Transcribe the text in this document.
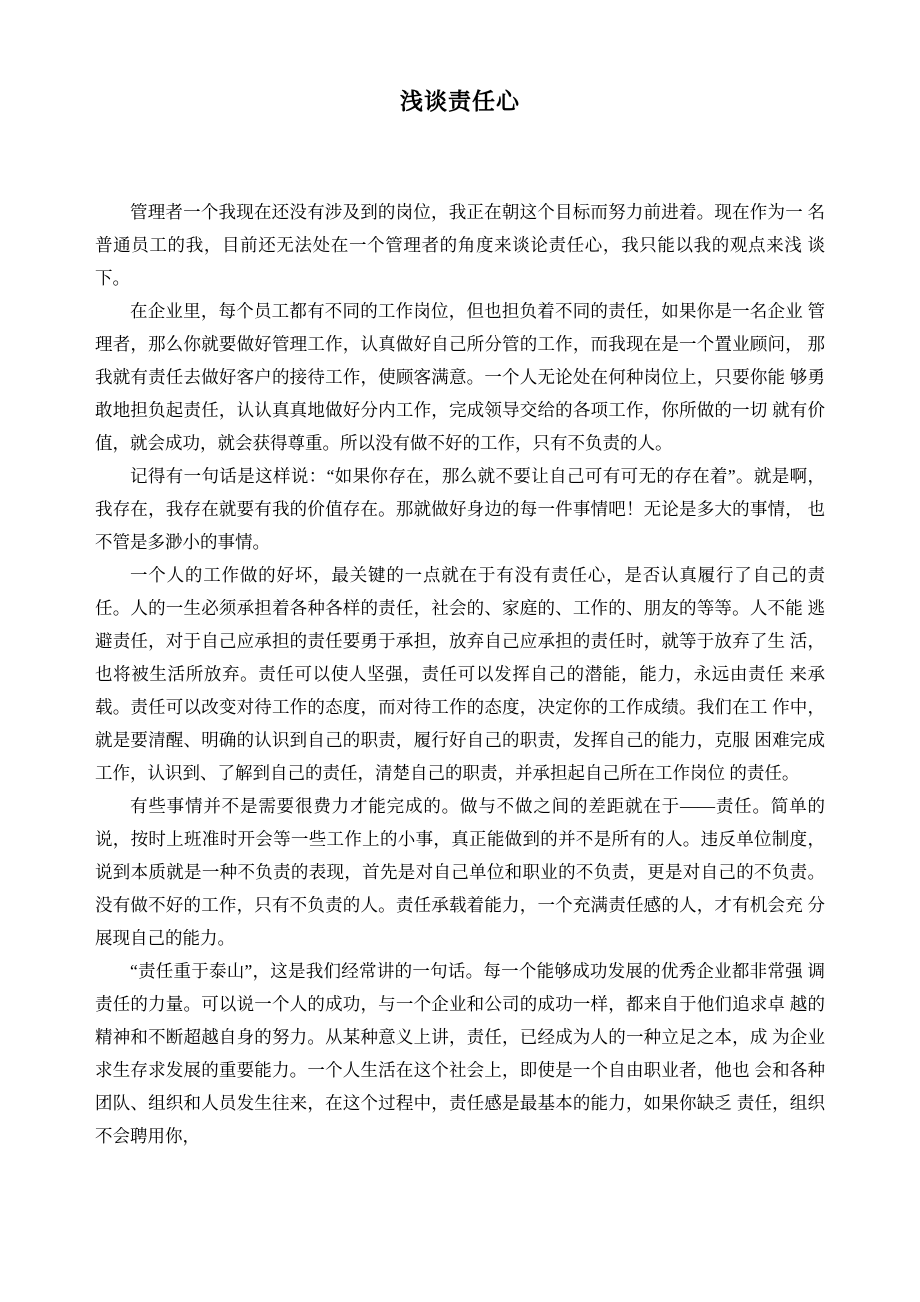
浅谈责任心

管理者一个我现在还没有涉及到的岗位，我正在朝这个目标而努力前进着。现在作为一 名普通员工的我，目前还无法处在一个管理者的角度来谈论责任心，我只能以我的观点来浅 谈下。

在企业里，每个员工都有不同的工作岗位，但也担负着不同的责任，如果你是一名企业 管理者，那么你就要做好管理工作，认真做好自己所分管的工作，而我现在是一个置业顾问， 那我就有责任去做好客户的接待工作，使顾客满意。一个人无论处在何种岗位上，只要你能 够勇敢地担负起责任，认认真真地做好分内工作，完成领导交给的各项工作，你所做的一切 就有价值，就会成功，就会获得尊重。所以没有做不好的工作，只有不负责的人。

记得有一句话是这样说：“如果你存在，那么就不要让自己可有可无的存在着”。就是啊， 我存在，我存在就要有我的价值存在。那就做好身边的每一件事情吧！无论是多大的事情， 也不管是多渺小的事情。

一个人的工作做的好坏，最关键的一点就在于有没有责任心，是否认真履行了自己的责 任。人的一生必须承担着各种各样的责任，社会的、家庭的、工作的、朋友的等等。人不能 逃避责任，对于自己应承担的责任要勇于承担，放弃自己应承担的责任时，就等于放弃了生 活，也将被生活所放弃。责任可以使人坚强，责任可以发挥自己的潜能，能力，永远由责任 来承载。责任可以改变对待工作的态度，而对待工作的态度，决定你的工作成绩。我们在工 作中，就是要清醒、明确的认识到自己的职责，履行好自己的职责，发挥自己的能力，克服 困难完成工作，认识到、了解到自己的责任，清楚自己的职责，并承担起自己所在工作岗位 的责任。

有些事情并不是需要很费力才能完成的。做与不做之间的差距就在于——责任。简单的 说，按时上班准时开会等一些工作上的小事，真正能做到的并不是所有的人。违反单位制度， 说到本质就是一种不负责的表现，首先是对自己单位和职业的不负责，更是对自己的不负责。 没有做不好的工作，只有不负责的人。责任承载着能力，一个充满责任感的人，才有机会充 分展现自己的能力。

“责任重于泰山”，这是我们经常讲的一句话。每一个能够成功发展的优秀企业都非常强 调责任的力量。可以说一个人的成功，与一个企业和公司的成功一样，都来自于他们追求卓 越的精神和不断超越自身的努力。从某种意义上讲，责任，已经成为人的一种立足之本，成 为企业求生存求发展的重要能力。一个人生活在这个社会上，即使是一个自由职业者，他也 会和各种团队、组织和人员发生往来，在这个过程中，责任感是最基本的能力，如果你缺乏 责任，组织不会聘用你，
